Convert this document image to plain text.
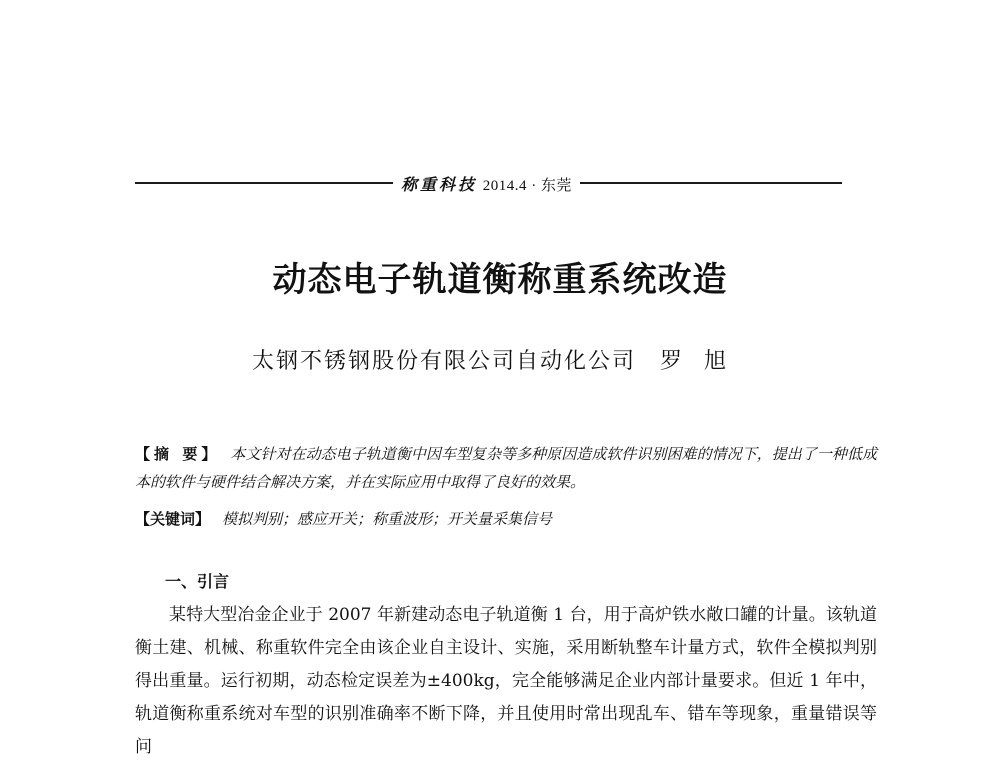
称重科技 2014.4 · 东莞
动态电子轨道衡称重系统改造
太钢不锈钢股份有限公司自动化公司 罗旭
【摘 要】 本文针对在动态电子轨道衡中因车型复杂等多种原因造成软件识别困难的情况下，提出了一种低成本的软件与硬件结合解决方案，并在实际应用中取得了良好的效果。
【关键词】 模拟判别；感应开关；称重波形；开关量采集信号
一、引言
某特大型冶金企业于 2007 年新建动态电子轨道衡 1 台，用于高炉铁水敞口罐的计量。该轨道衡土建、机械、称重软件完全由该企业自主设计、实施，采用断轨整车计量方式，软件全模拟判别得出重量。运行初期，动态检定误差为±400kg，完全能够满足企业内部计量要求。但近 1 年中，轨道衡称重系统对车型的识别准确率不断下降，并且使用时常出现乱车、错车等现象，重量错误等问
